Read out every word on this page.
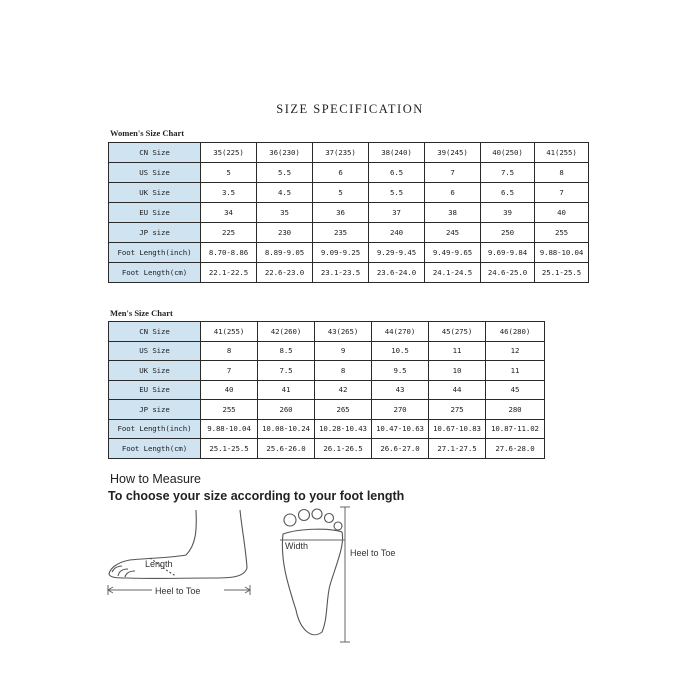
SIZE SPECIFICATION
Women's Size Chart
CN Size	35(225)	36(230)	37(235)	38(240)	39(245)	40(250)	41(255)
US Size	5	5.5	6	6.5	7	7.5	8
UK Size	3.5	4.5	5	5.5	6	6.5	7
EU Size	34	35	36	37	38	39	40
JP size	225	230	235	240	245	250	255
Foot Length(inch)	8.70-8.86	8.89-9.05	9.09-9.25	9.29-9.45	9.49-9.65	9.69-9.84	9.88-10.04
Foot Length(cm)	22.1-22.5	22.6-23.0	23.1-23.5	23.6-24.0	24.1-24.5	24.6-25.0	25.1-25.5
Men's Size Chart
CN Size	41(255)	42(260)	43(265)	44(270)	45(275)	46(280)
US Size	8	8.5	9	10.5	11	12
UK Size	7	7.5	8	9.5	10	11
EU Size	40	41	42	43	44	45
JP size	255	260	265	270	275	280
Foot Length(inch)	9.88-10.04	10.08-10.24	10.28-10.43	10.47-10.63	10.67-10.83	10.87-11.02
Foot Length(cm)	25.1-25.5	25.6-26.0	26.1-26.5	26.6-27.0	27.1-27.5	27.6-28.0
How to Measure
To choose your size according to your foot length
Length
Heel to Toe
Width
Heel to Toe
